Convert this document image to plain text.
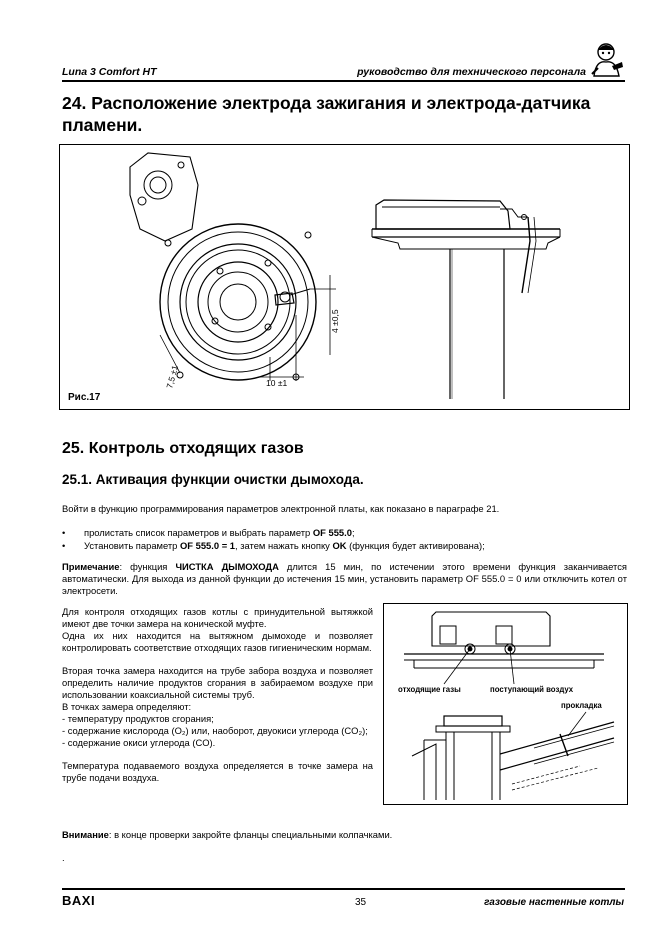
Luna 3 Comfort HT	руководство для технического персонала
24. Расположение электрода зажигания и электрода-датчика пламени.
4 ±0,5
7,5 ±1	10 ±1
Рис.17
25. Контроль отходящих газов
25.1. Активация функции очистки дымохода.
Войти в функцию программирования параметров электронной платы, как показано в параграфе 21.
• пролистать список параметров и выбрать параметр OF 555.0;
• Установить параметр OF 555.0 = 1, затем нажать кнопку OK (функция будет активирована);
Примечание: функция ЧИСТКА ДЫМОХОДА длится 15 мин, по истечении этого времени функция заканчивается автоматически. Для выхода из данной функции до истечения 15 мин, установить параметр OF 555.0 = 0 или отключить котел от электросети.
Для контроля отходящих газов котлы с принудительной вытяжкой имеют две точки замера на конической муфте.
Одна их них находится на вытяжном дымоходе и позволяет контролировать соответствие отходящих газов гигиеническим нормам.
Вторая точка замера находится на трубе забора воздуха и позволяет определить наличие продуктов сгорания в забираемом воздухе при использовании коаксиальной системы труб.
В точках замера определяют:
- температуру продуктов сгорания;
- содержание кислорода (O₂) или, наоборот, двуокиси углерода (CO₂);
- содержание окиси углерода (CO).
Температура подаваемого воздуха определяется в точке замера на трубе подачи воздуха.
Внимание: в конце проверки закройте фланцы специальными колпачками.
.
отходящие газы	поступающий воздух
прокладка
BAXI	35	газовые настенные котлы
